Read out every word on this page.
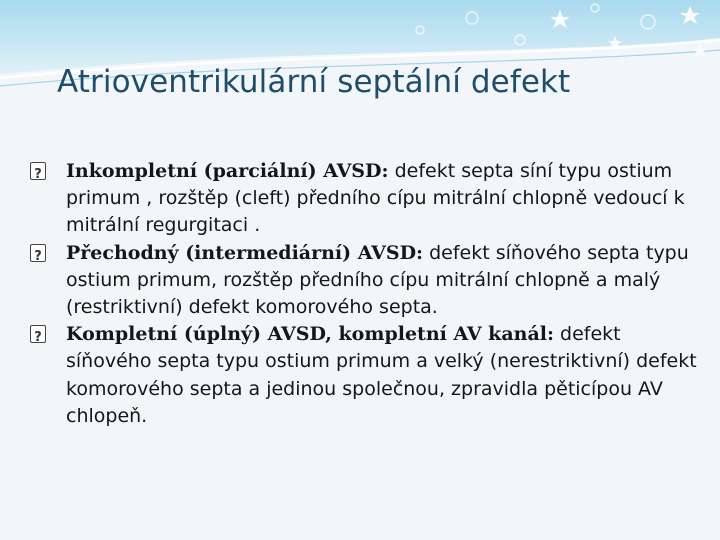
Atrioventrikulární septální defekt

?
Inkompletní (parciální) AVSD: defekt septa síní typu ostium primum , rozštěp (cleft) předního cípu mitrální chlopně vedoucí k mitrální regurgitaci .

?
Přechodný (intermediární) AVSD: defekt síňového septa typu ostium primum, rozštěp předního cípu mitrální chlopně a malý (restriktivní) defekt komorového septa.

?
Kompletní (úplný) AVSD, kompletní AV kanál: defekt síňového septa typu ostium primum a velký (nerestriktivní) defekt komorového septa a jedinou společnou, zpravidla pěticípou AV chlopeň.
